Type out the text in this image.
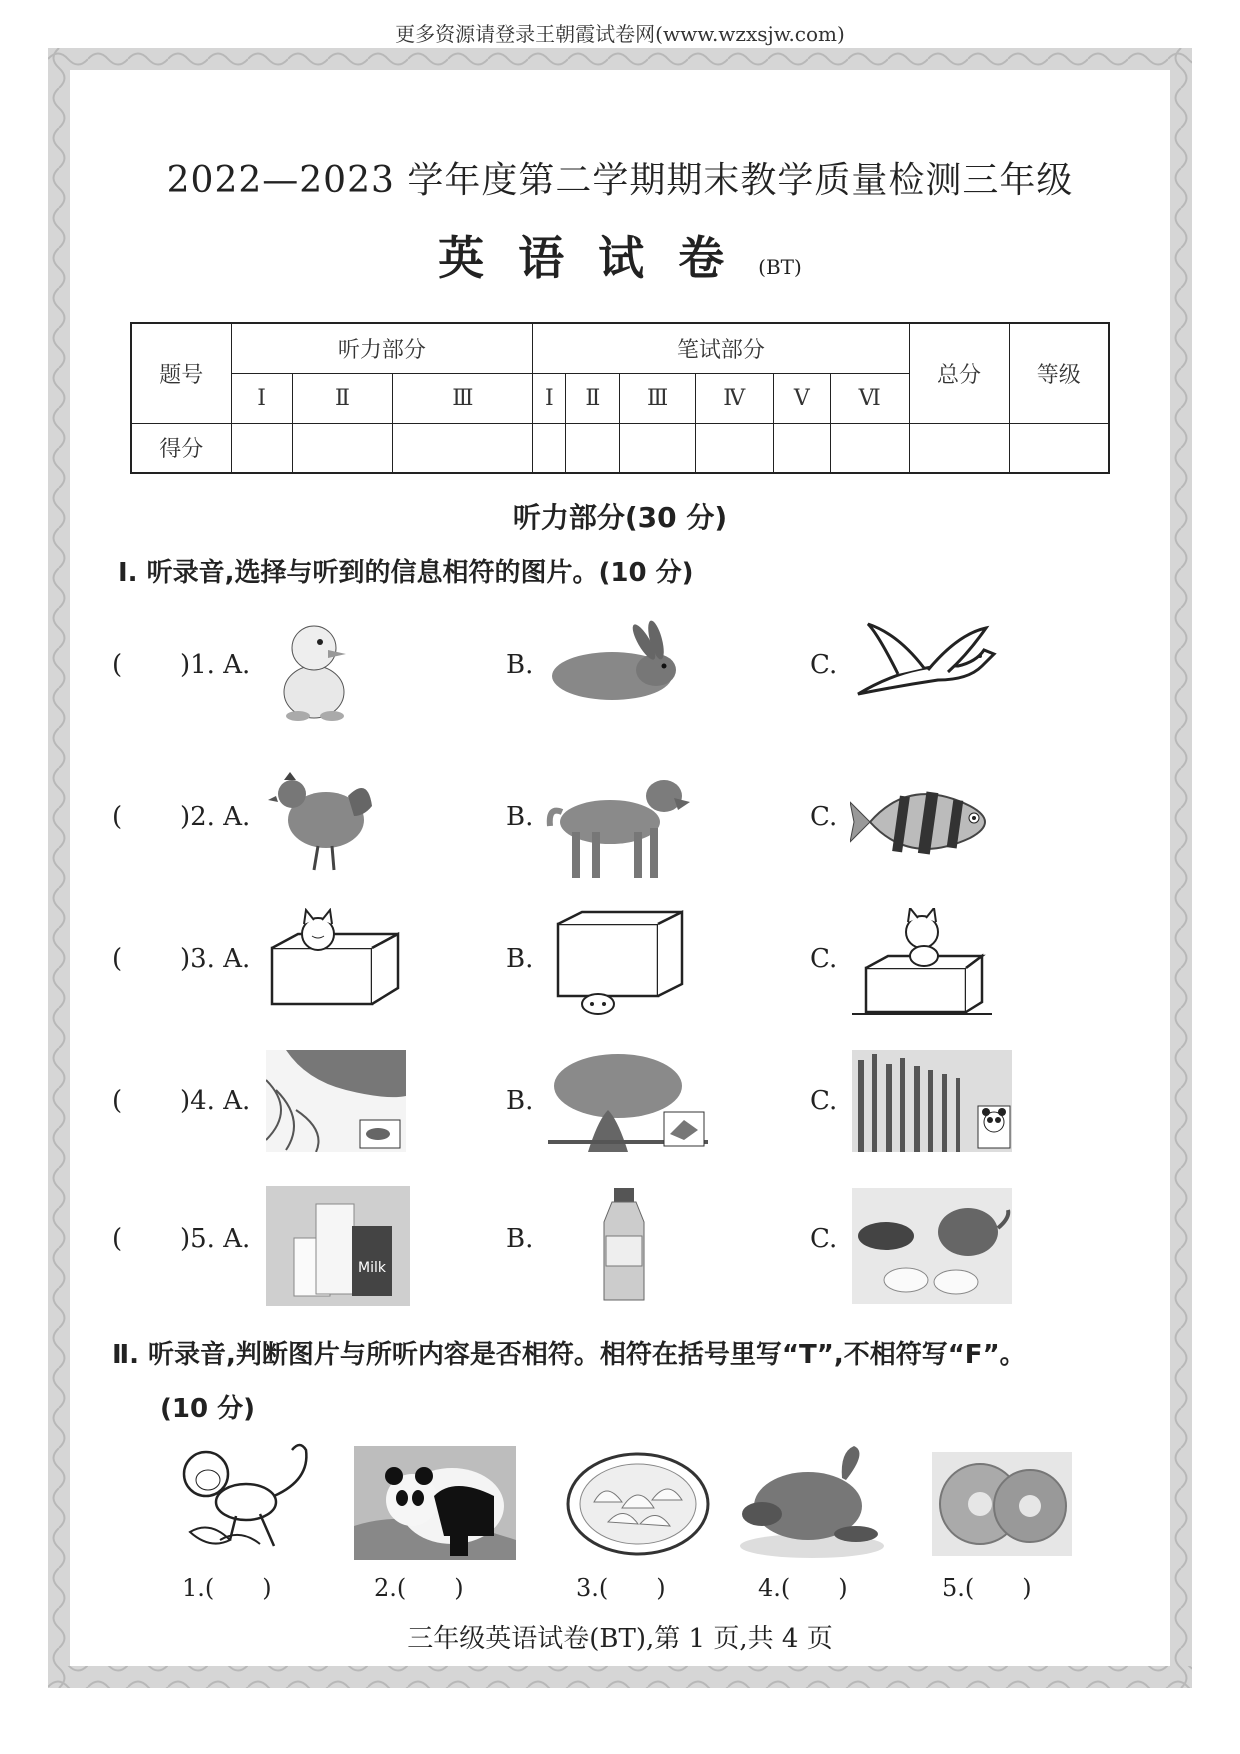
更多资源请登录王朝霞试卷网(www.wzxsjw.com)
2022—2023 学年度第二学期期末教学质量检测三年级
英语试卷(BT)
题号	听力部分			笔试部分						总分	等级
	Ⅰ	Ⅱ	Ⅲ	Ⅰ	Ⅱ	Ⅲ	Ⅳ	Ⅴ	Ⅵ		
得分											
听力部分(30 分)
Ⅰ. 听录音,选择与听到的信息相符的图片。(10 分)
( )1. A.	B.	C.
( )2. A.	B.	C.
( )3. A.	B.	C.
( )4. A.	B.	C.
( )5. A.
Milk
B.	C.
Ⅱ. 听录音,判断图片与所听内容是否相符。相符在括号里写“T”,不相符写“F”。
(10 分)
1.(　　)	2.(　　)	3.(　　)	4.(　　)	5.(　　)
三年级英语试卷(BT),第 1 页,共 4 页
